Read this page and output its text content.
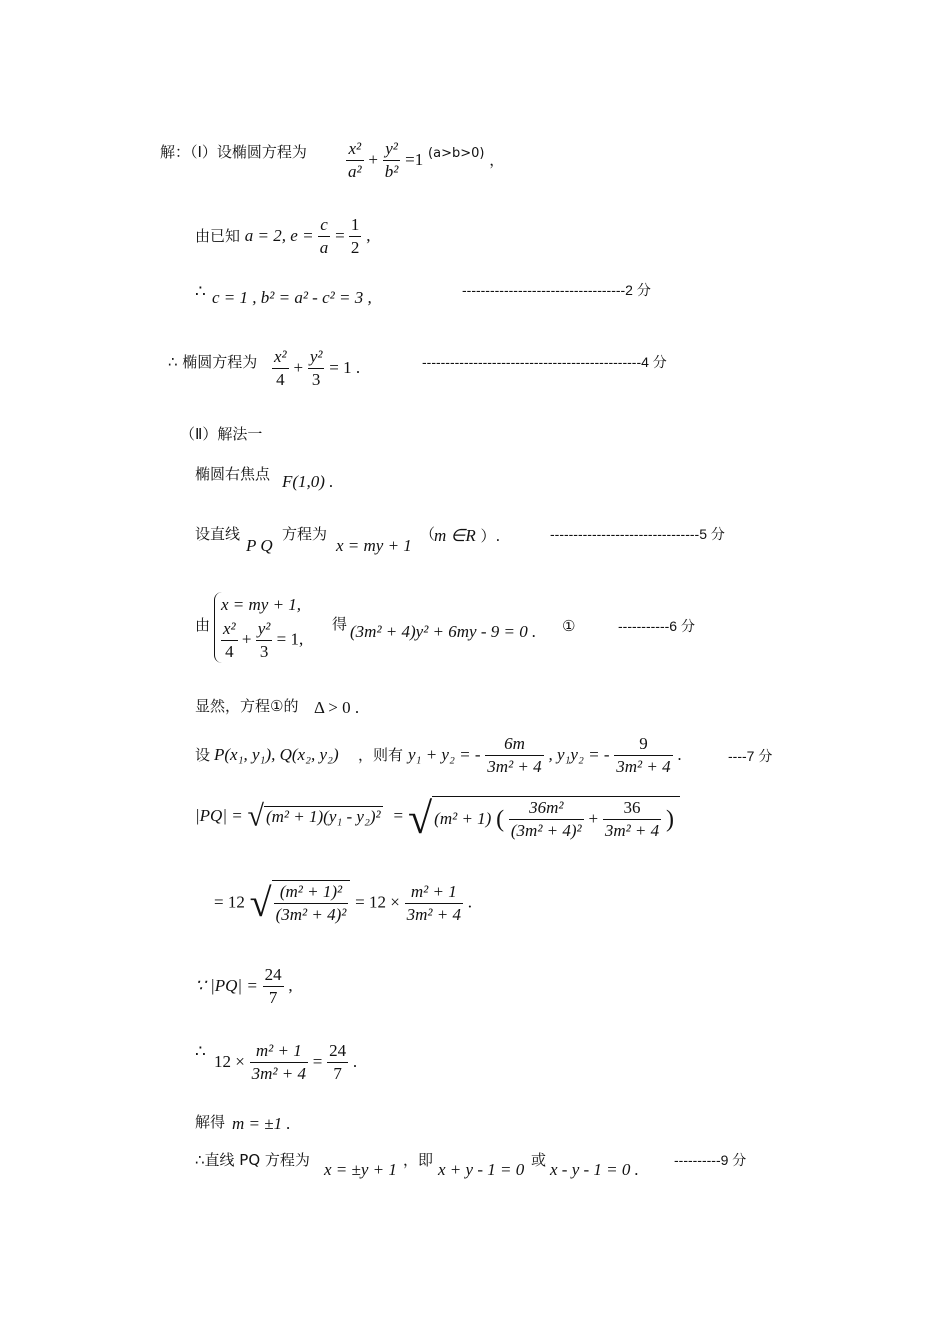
解：（Ⅰ）设椭圆方程为 $\frac{\text{x²}}{\text{a²}} + \frac{\text{y²}}{\text{b²}} =1$ (a>b>0) ，
由已知 a = 2, $e = \frac{c}{a} = \frac{1}{2}$ ,
∴ c = 1 , b² = a² - c² = 3 ,	-----------------------------------2 分
∴ 椭圆方程为 $\frac{\text{x²}}{4} + \frac{\text{y²}}{3} = 1$ .	-----------------------------------------------4 分
（Ⅱ）解法一
椭圆右焦点 F(1,0) .
设直线
P Q
方程为
x = my + 1
（
m ∈R ）.	--------------------------------5 分
由
x = my + 1,
$\frac{\text{x²}}{4} + \frac{\text{y²}}{3} = 1$,
得 (3m² + 4)y² + 6my - 9 = 0 . ①	-----------6 分
显然，方程①的 Δ > 0 .
设 P(x₁, y₁), Q(x₂, y₂) ，则有 y₁ + y₂ = - $\frac{6m}{\text{3m² + 4}}$ , y₁y₂ = - $\frac{9}{\text{3m² + 4}}$ .	----7 分
|PQ| = √ (m² + 1)(y₁ - y₂)² = √ (m² + 1) ( $\frac{\text{36m²}}{\text{(3m² + 4)²}} + \frac{36}{\text{3m² + 4}}$ )
= 12 √ $\frac{\text{(m² + 1)²}}{\text{(3m² + 4)²}} = 12 \times \frac{\text{m² + 1}}{\text{3m² + 4}}$ .
∵ $|PQ| = \frac{24}{7}$ ,
∴
$12 \times \frac{\text{m² + 1}}{\text{3m² + 4}} = \frac{24}{7}$ .
解得 m = ±1 .
∴直线 PQ 方程为 x = ±y + 1 ，即 x + y - 1 = 0 或 x - y - 1 = 0 .	----------9 分
